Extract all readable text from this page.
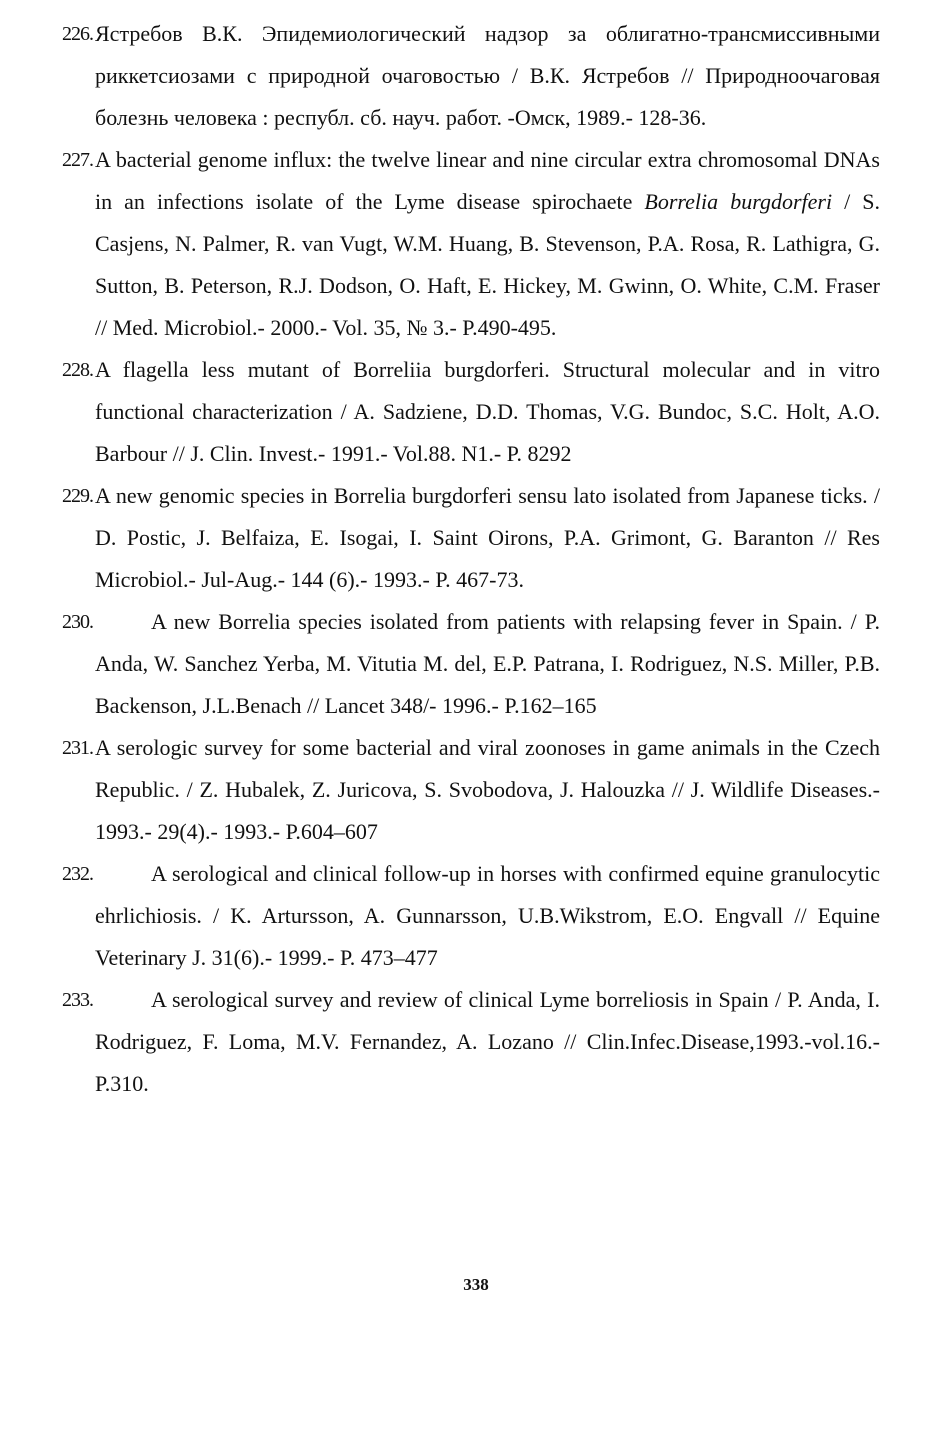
226. Ястребов В.К. Эпидемиологический надзор за облигатно-трансмиссивными риккетсиозами с природной очаговостью / В.К. Ястребов // Природноочаговая болезнь человека : республ. сб. науч. работ. -Омск, 1989.- 128-36.
227. A bacterial genome influx: the twelve linear and nine circular extra chromosomal DNAs in an infections isolate of the Lyme disease spirochaete Borrelia burgdorferi / S. Casjens, N. Palmer, R. van Vugt, W.M. Huang, B. Stevenson, P.A. Rosa, R. Lathigra, G. Sutton, B. Peterson, R.J. Dodson, O. Haft, E. Hickey, M. Gwinn, O. White, C.M. Fraser // Med. Microbiol.- 2000.- Vol. 35, № 3.- P.490-495.
228. A flagella less mutant of Borreliia burgdorferi. Structural molecular and in vitro functional characterization / A. Sadziene, D.D. Thomas, V.G. Bundoc, S.C. Holt, A.O. Barbour // J. Clin. Invest.- 1991.- Vol.88. N1.- P. 8292
229. A new genomic species in Borrelia burgdorferi sensu lato isolated from Japanese ticks. / D. Postic, J. Belfaiza, E. Isogai, I. Saint Oirons, P.A. Grimont, G. Baranton // Res Microbiol.- Jul-Aug.- 144 (6).- 1993.- P. 467-73.
230.	A new Borrelia species isolated from patients with relapsing fever in Spain. / P. Anda, W. Sanchez Yerba, M. Vitutia M. del, E.P. Patrana, I. Rodriguez, N.S. Miller, P.B. Backenson, J.L.Benach // Lancet 348/- 1996.- P.162–165
231. A serologic survey for some bacterial and viral zoonoses in game animals in the Czech Republic. / Z. Hubalek, Z. Juricova, S. Svobodova, J. Halouzka // J. Wildlife Diseases.- 1993.- 29(4).- 1993.- P.604–607
232.	A serological and clinical follow-up in horses with confirmed equine granulocytic ehrlichiosis. / K. Artursson, A. Gunnarsson, U.B.Wikstrom, E.O. Engvall // Equine Veterinary J. 31(6).- 1999.- P. 473–477
233.	A serological survey and review of clinical Lyme borreliosis in Spain / P. Anda, I. Rodriguez, F. Loma, M.V. Fernandez, A. Lozano // Clin.Infec.Disease,1993.-vol.16.-P.310.
338
